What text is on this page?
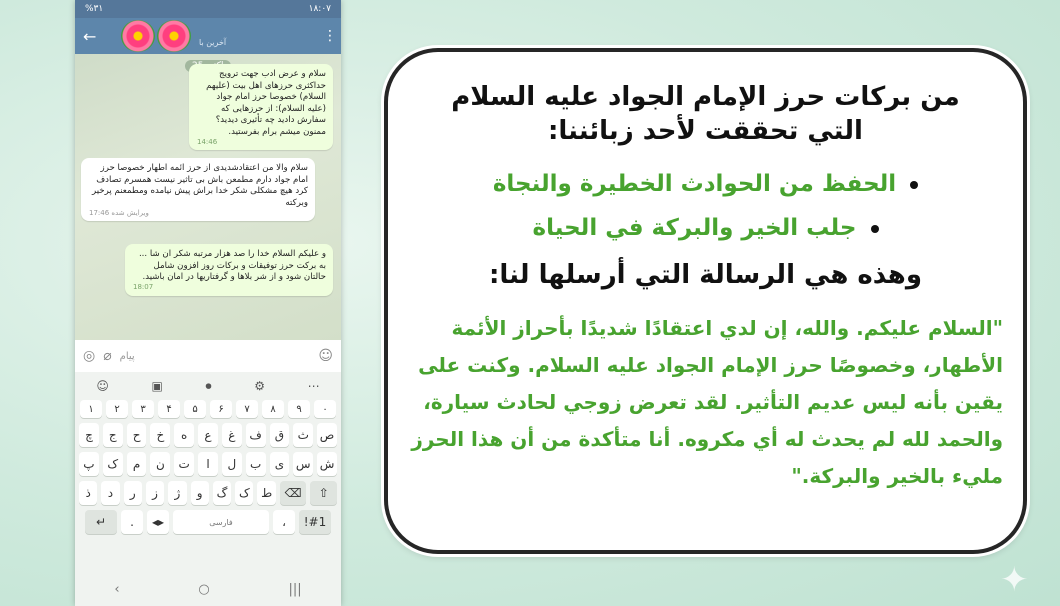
✦
%۳۱	۱۸:۰۷
←	آخرین با	⋮
سلام و عرض ادب جهت ترویج حداکثری حرزهای اهل بیت (علیهم السلام) خصوصا حرز امام جواد (علیه السلام): از حرزهایی که سفارش دادید چه تأثیری دیدید؟ ممنون میشم برام بفرستید.
14:46
سلام والا من اعتقادشدیدی از حرز ائمه اطهار خصوصا حرز امام جواد دارم مطمعن باش بی تاثیر نیست همسرم تصادف کرد هیچ مشکلی شکر خدا براش پیش نیامده ومطمعنم پرخیر وبرکته
ویرایش شده 17:46
و علیکم السلام خدا را صد هزار مرتبه شکر ان شا ... به برکت حرز توفیقات و برکات روز افزون شامل حالتان شود و از شر بلاها و گرفتاریها در امان باشید.
18:07
◎ ⌀ پیام	☺
☺	▣	⏺	⚙	⋯
۱	۲	۳	۴	۵	۶	۷	۸	۹	۰
چ	ج	ح	خ	ه	ع	غ	ف	ق	ث ص
پ	ک	م	ن	ت	ا	ل	ب	ی س ش
ذ	د	ر	ز	ژ	و	گ ک ط	⌫	⇧
↵	.	◂▸	فارسی	،	!#1
‹	○	|||
من بركات حرز الإمام الجواد عليه السلام التي تحققت لأحد زبائننا:
الحفظ من الحوادث الخطيرة والنجاة
جلب الخير والبركة في الحياة
وهذه هي الرسالة التي أرسلها لنا:
"السلام عليكم. والله، إن لدي اعتقادًا شديدًا بأحراز الأئمة الأطهار، وخصوصًا حرز الإمام الجواد عليه السلام. وكنت على يقين بأنه ليس عديم التأثير. لقد تعرض زوجي لحادث سيارة، والحمد لله لم يحدث له أي مكروه. أنا متأكدة من أن هذا الحرز مليء بالخير والبركة."
